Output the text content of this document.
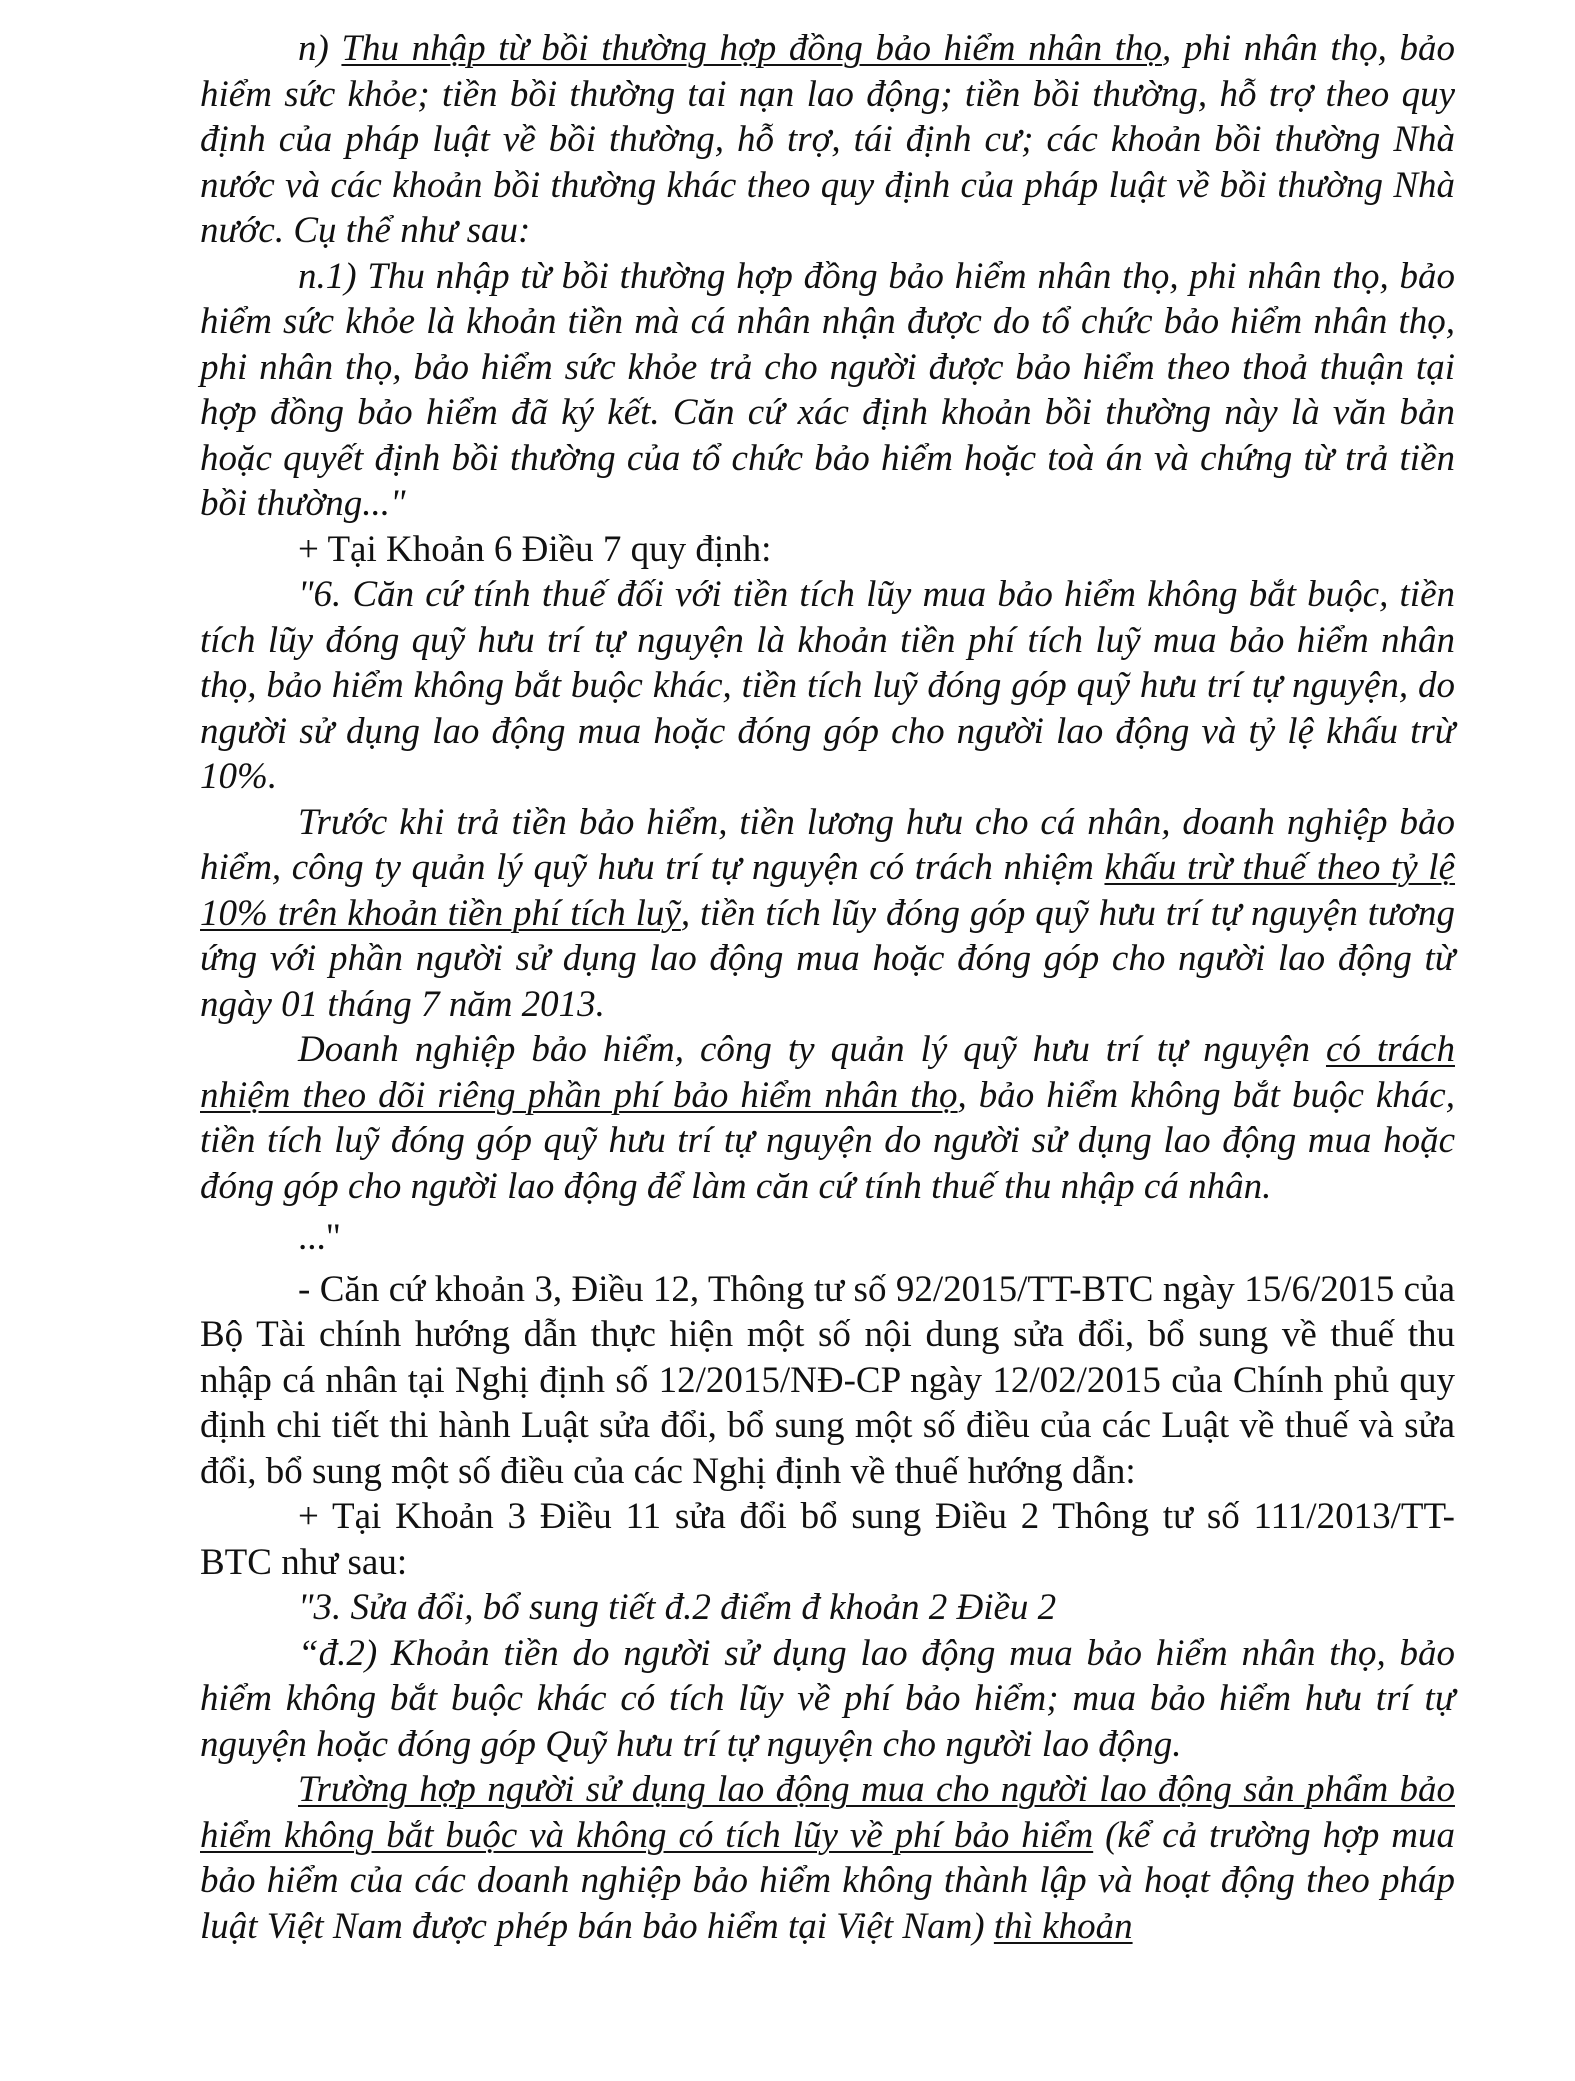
n) Thu nhập từ bồi thường hợp đồng bảo hiểm nhân thọ, phi nhân thọ, bảo hiểm sức khỏe; tiền bồi thường tai nạn lao động; tiền bồi thường, hỗ trợ theo quy định của pháp luật về bồi thường, hỗ trợ, tái định cư; các khoản bồi thường Nhà nước và các khoản bồi thường khác theo quy định của pháp luật về bồi thường Nhà nước. Cụ thể như sau:

n.1) Thu nhập từ bồi thường hợp đồng bảo hiểm nhân thọ, phi nhân thọ, bảo hiểm sức khỏe là khoản tiền mà cá nhân nhận được do tổ chức bảo hiểm nhân thọ, phi nhân thọ, bảo hiểm sức khỏe trả cho người được bảo hiểm theo thoả thuận tại hợp đồng bảo hiểm đã ký kết. Căn cứ xác định khoản bồi thường này là văn bản hoặc quyết định bồi thường của tổ chức bảo hiểm hoặc toà án và chứng từ trả tiền bồi thường..."

+ Tại Khoản 6 Điều 7 quy định:

"6. Căn cứ tính thuế đối với tiền tích lũy mua bảo hiểm không bắt buộc, tiền tích lũy đóng quỹ hưu trí tự nguyện là khoản tiền phí tích luỹ mua bảo hiểm nhân thọ, bảo hiểm không bắt buộc khác, tiền tích luỹ đóng góp quỹ hưu trí tự nguyện, do người sử dụng lao động mua hoặc đóng góp cho người lao động và tỷ lệ khấu trừ 10%.

Trước khi trả tiền bảo hiểm, tiền lương hưu cho cá nhân, doanh nghiệp bảo hiểm, công ty quản lý quỹ hưu trí tự nguyện có trách nhiệm khấu trừ thuế theo tỷ lệ 10% trên khoản tiền phí tích luỹ, tiền tích lũy đóng góp quỹ hưu trí tự nguyện tương ứng với phần người sử dụng lao động mua hoặc đóng góp cho người lao động từ ngày 01 tháng 7 năm 2013.

Doanh nghiệp bảo hiểm, công ty quản lý quỹ hưu trí tự nguyện có trách nhiệm theo dõi riêng phần phí bảo hiểm nhân thọ, bảo hiểm không bắt buộc khác, tiền tích luỹ đóng góp quỹ hưu trí tự nguyện do người sử dụng lao động mua hoặc đóng góp cho người lao động để làm căn cứ tính thuế thu nhập cá nhân.

..."

- Căn cứ khoản 3, Điều 12, Thông tư số 92/2015/TT-BTC ngày 15/6/2015 của Bộ Tài chính hướng dẫn thực hiện một số nội dung sửa đổi, bổ sung về thuế thu nhập cá nhân tại Nghị định số 12/2015/NĐ-CP ngày 12/02/2015 của Chính phủ quy định chi tiết thi hành Luật sửa đổi, bổ sung một số điều của các Luật về thuế và sửa đổi, bổ sung một số điều của các Nghị định về thuế hướng dẫn:

+ Tại Khoản 3 Điều 11 sửa đổi bổ sung Điều 2 Thông tư số 111/2013/TT-BTC như sau:

"3. Sửa đổi, bổ sung tiết đ.2 điểm đ khoản 2 Điều 2

“đ.2) Khoản tiền do người sử dụng lao động mua bảo hiểm nhân thọ, bảo hiểm không bắt buộc khác có tích lũy về phí bảo hiểm; mua bảo hiểm hưu trí tự nguyện hoặc đóng góp Quỹ hưu trí tự nguyện cho người lao động.

Trường hợp người sử dụng lao động mua cho người lao động sản phẩm bảo hiểm không bắt buộc và không có tích lũy về phí bảo hiểm (kể cả trường hợp mua bảo hiểm của các doanh nghiệp bảo hiểm không thành lập và hoạt động theo pháp luật Việt Nam được phép bán bảo hiểm tại Việt Nam) thì khoản
